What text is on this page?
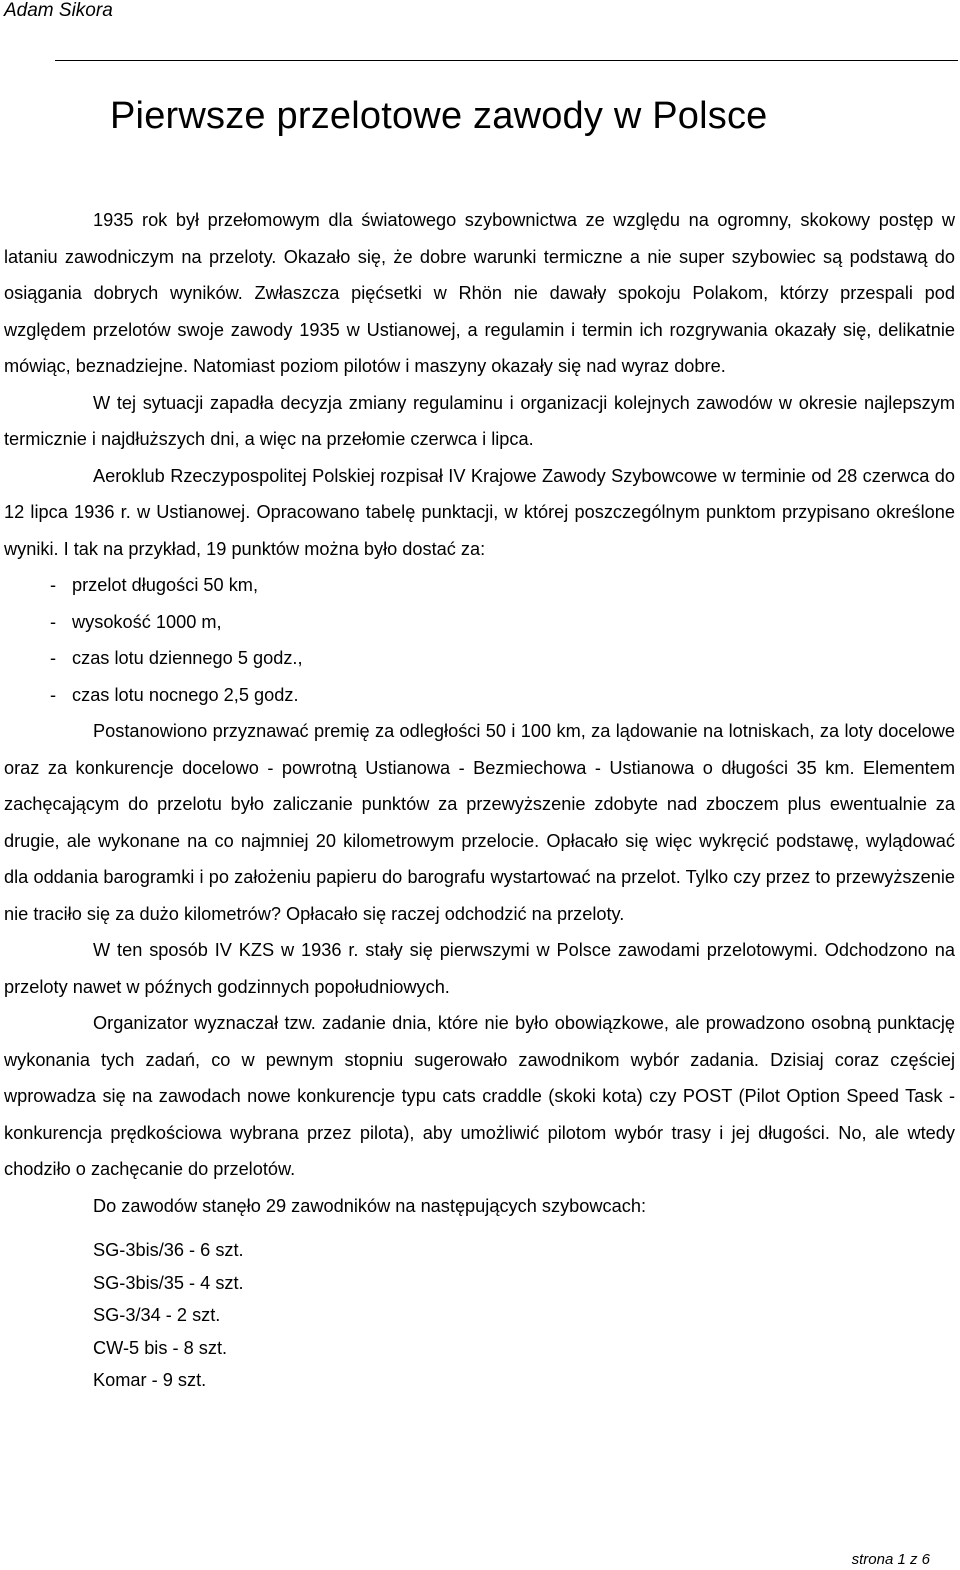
Adam Sikora
Pierwsze przelotowe zawody w Polsce

1935 rok był przełomowym dla światowego szybownictwa ze względu na ogromny, skokowy postęp w lataniu zawodniczym na przeloty. Okazało się, że dobre warunki termiczne a nie super szybowiec są podstawą do osiągania dobrych wyników. Zwłaszcza pięćsetki w Rhön nie dawały spokoju Polakom, którzy przespali pod względem przelotów swoje zawody 1935 w Ustianowej, a regulamin i termin ich rozgrywania okazały się, delikatnie mówiąc, beznadziejne. Natomiast poziom pilotów i maszyny okazały się nad wyraz dobre.

W tej sytuacji zapadła decyzja zmiany regulaminu i organizacji kolejnych zawodów w okresie najlepszym termicznie i najdłuższych dni, a więc na przełomie czerwca i lipca.

Aeroklub Rzeczypospolitej Polskiej rozpisał IV Krajowe Zawody Szybowcowe w terminie od 28 czerwca do 12 lipca 1936 r. w Ustianowej. Opracowano tabelę punktacji, w której poszczególnym punktom przypisano określone wyniki. I tak na przykład, 19 punktów można było dostać za:

- przelot długości 50 km,
- wysokość 1000 m,
- czas lotu dziennego 5 godz.,
- czas lotu nocnego 2,5 godz.

Postanowiono przyznawać premię za odległości 50 i 100 km, za lądowanie na lotniskach, za loty docelowe oraz za konkurencje docelowo - powrotną Ustianowa - Bezmiechowa - Ustianowa o długości 35 km. Elementem zachęcającym do przelotu było zaliczanie punktów za przewyższenie zdobyte nad zboczem plus ewentualnie za drugie, ale wykonane na co najmniej 20 kilometrowym przelocie. Opłacało się więc wykręcić podstawę, wylądować dla oddania barogramki i po założeniu papieru do barografu wystartować na przelot. Tylko czy przez to przewyższenie nie traciło się za dużo kilometrów? Opłacało się raczej odchodzić na przeloty.

W ten sposób IV KZS w 1936 r. stały się pierwszymi w Polsce zawodami przelotowymi. Odchodzono na przeloty nawet w późnych godzinnych popołudniowych.

Organizator wyznaczał tzw. zadanie dnia, które nie było obowiązkowe, ale prowadzono osobną punktację wykonania tych zadań, co w pewnym stopniu sugerowało zawodnikom wybór zadania. Dzisiaj coraz częściej wprowadza się na zawodach nowe konkurencje typu cats craddle (skoki kota) czy POST (Pilot Option Speed Task - konkurencja prędkościowa wybrana przez pilota), aby umożliwić pilotom wybór trasy i jej długości. No, ale wtedy chodziło o zachęcanie do przelotów.

Do zawodów stanęło 29 zawodników na następujących szybowcach:

SG-3bis/36 - 6 szt.
SG-3bis/35 - 4 szt.
SG-3/34 - 2 szt.
CW-5 bis - 8 szt.
Komar - 9 szt.
strona 1 z 6
